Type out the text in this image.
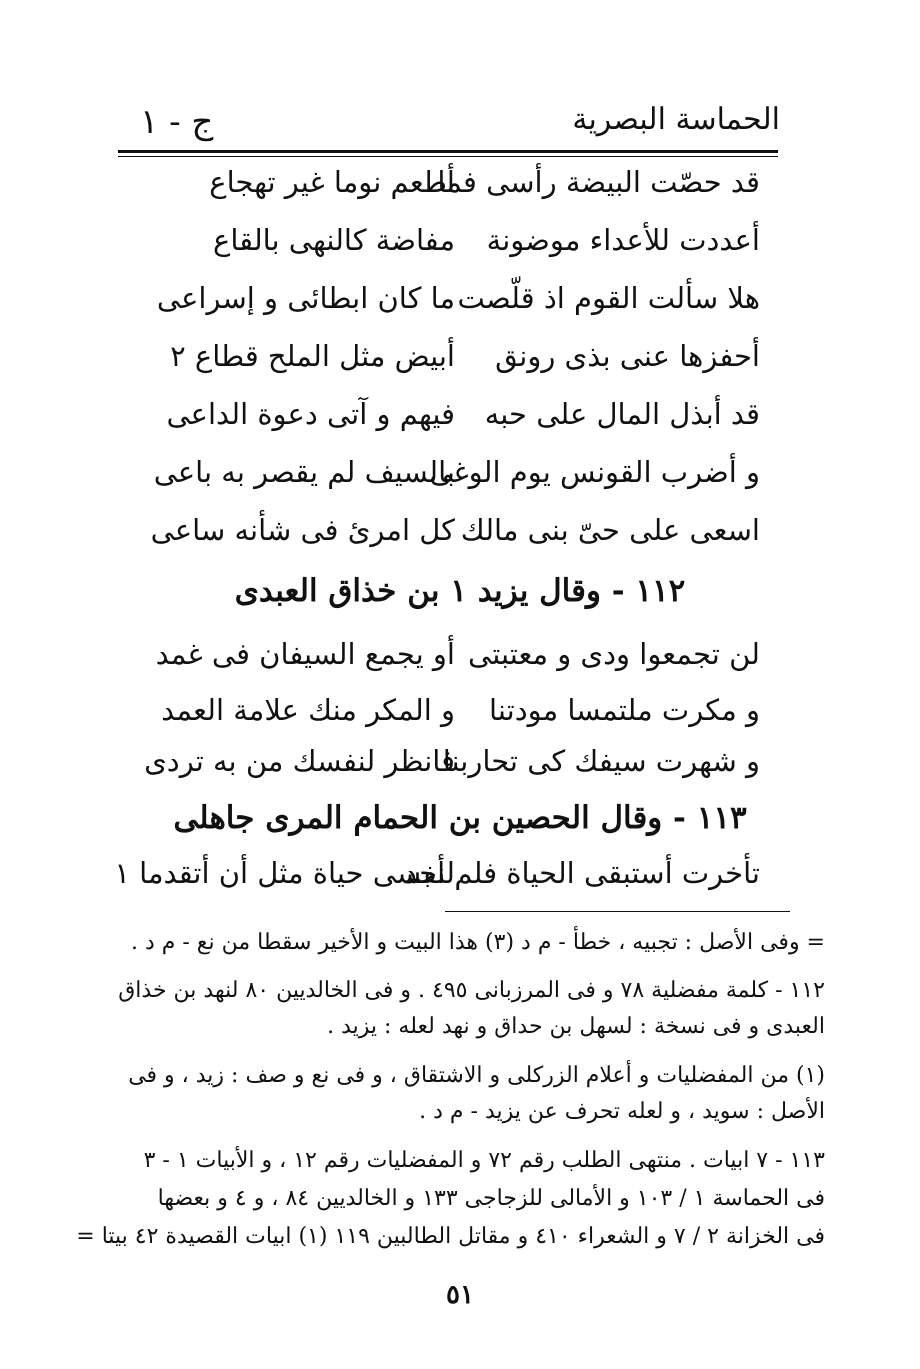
الحماسة البصرية
ج - ١
قد حصّت البيضة رأسى فما
أطعم نوما غير تهجاع
أعددت للأعداء موضونة
مفاضة كالنهى بالقاع
هلا سألت القوم اذ قلّصت
ما كان ابطائى و إسراعى
أحفزها عنى بذى رونق
أبيض مثل الملح قطاع ٢
قد أبذل المال على حبه
فيهم و آتى دعوة الداعى
و أضرب القونس يوم الوغى
بالسيف لم يقصر به باعى
اسعى على حىّ بنى مالك
كل امرئ فى شأنه ساعى
١١٢ - وقال يزيد ١ بن خذاق العبدى
لن تجمعوا ودى و معتبتى
أو يجمع السيفان فى غمد
و مكرت ملتمسا مودتنا
و المكر منك علامة العمد
و شهرت سيفك كى تحاربنا
فانظر لنفسك من به تردى
١١٣ - وقال الحصين بن الحمام المرى جاهلى
تأخرت أستبقى الحياة فلم أجد
لنفسى حياة مثل أن أتقدما ١
= وفى الأصل : تجبيه ، خطأ - م د (٣) هذا البيت و الأخير سقطا من نع - م د .
١١٢ - كلمة مفضلية ٧٨ و فى المرزبانى ٤٩٥ . و فى الخالديين ٨٠ لنهد بن خذاق
العبدى و فى نسخة : لسهل بن حداق و نهد لعله : يزيد .
(١) من المفضليات و أعلام الزركلى و الاشتقاق ، و فى نع و صف : زيد ، و فى
الأصل : سويد ، و لعله تحرف عن يزيد - م د .
١١٣ - ٧ ابيات . منتهى الطلب رقم ٧٢ و المفضليات رقم ١٢ ، و الأبيات ١ - ٣
فى الحماسة ١ / ١٠٣ و الأمالى للزجاجى ١٣٣ و الخالديين ٨٤ ، و ٤ و بعضها
فى الخزانة ٢ / ٧ و الشعراء ٤١٠ و مقاتل الطالبين ١١٩ (١) ابيات القصيدة ٤٢ بيتا =
٥١
